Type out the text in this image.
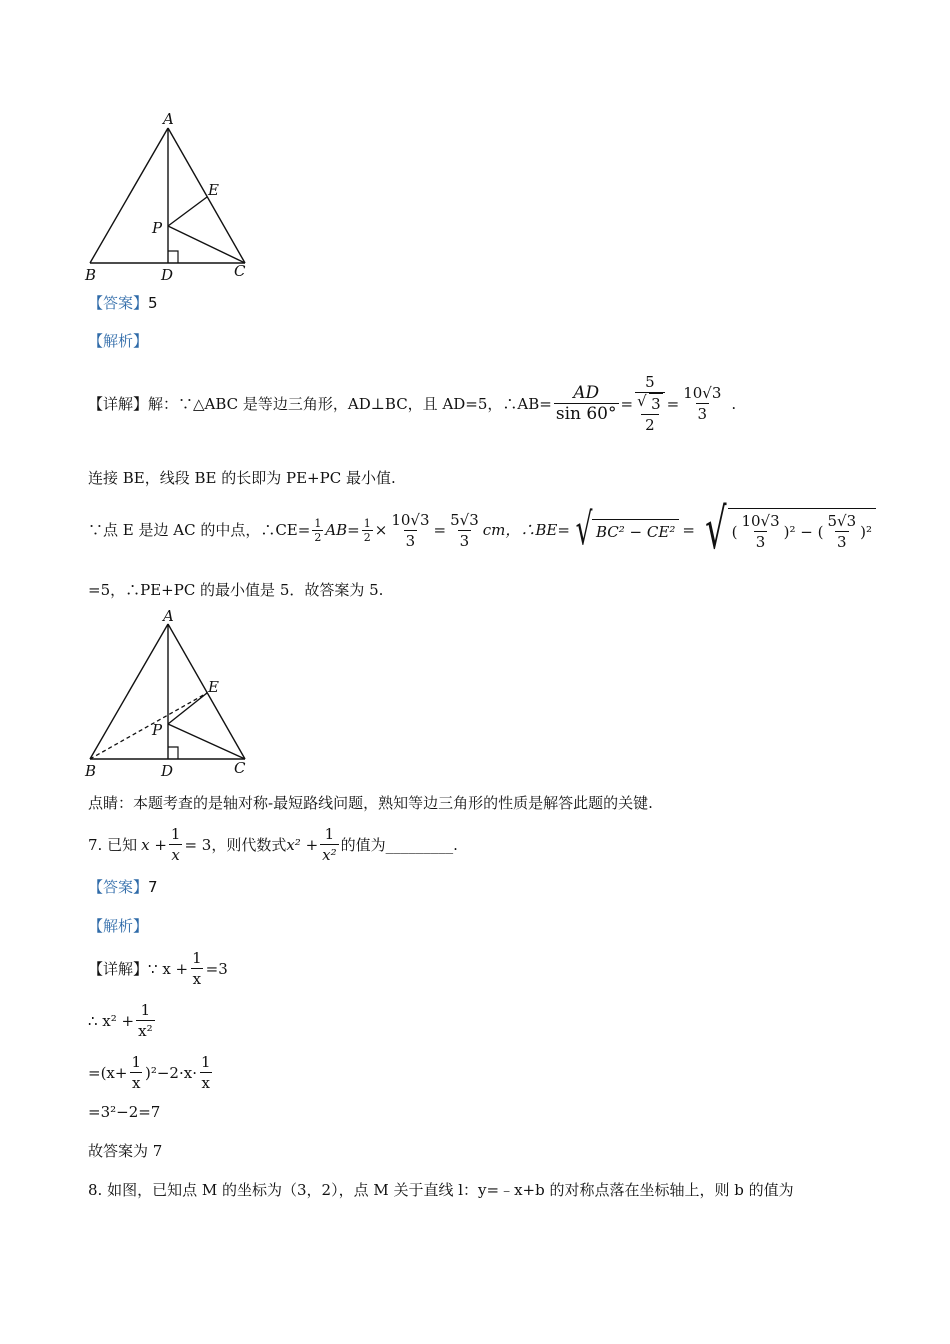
A
B	C
D
E
P
【答案】5
【解析】
【详解】 解：∵△ABC 是等边三角形，AD⊥BC，且 AD=5，∴AB= $\frac{AD}{\sin 60^\circ} = 5$
√ 3
$2 = \frac{10√3}{3}$ .
连接 BE，线段 BE 的长即为 PE+PC 最小值.
∵点 E 是边 AC 的中点，∴CE= $\frac{1}{2} AB= \frac{1}{2} \times \frac{10√3}{3} = \frac{5√3}{3}$ cm，∴BE= √ BC² − CE² = √ ( $\frac{10√3}{3} )^2$ − ( $\frac{5√3}{3} )^2$
=5，∴PE+PC 的最小值是 5．故答案为 5.
A
B	C
D
E
P
点睛：本题考查的是轴对称-最短路线问题，熟知等边三角形的性质是解答此题的关键.
7. 已知 $x + \frac{1}{x} = 3$ ，则代数式 $x^2 + \frac{1}{\text{x²}}$ 的值为_________.
【答案】7
【解析】
【详解】 ∵ $x + \frac{1}{x} =3$
∴ $x^2 + \frac{1}{\text{x²}}$
$=(x+ \frac{1}{x} )^2-2\cdot x\cdot \frac{1}{x}$
=3²−2=7
故答案为 7
8. 如图，已知点 M 的坐标为（3，2），点 M 关于直线 l：y=﹣x+b 的对称点落在坐标轴上，则 b 的值为
